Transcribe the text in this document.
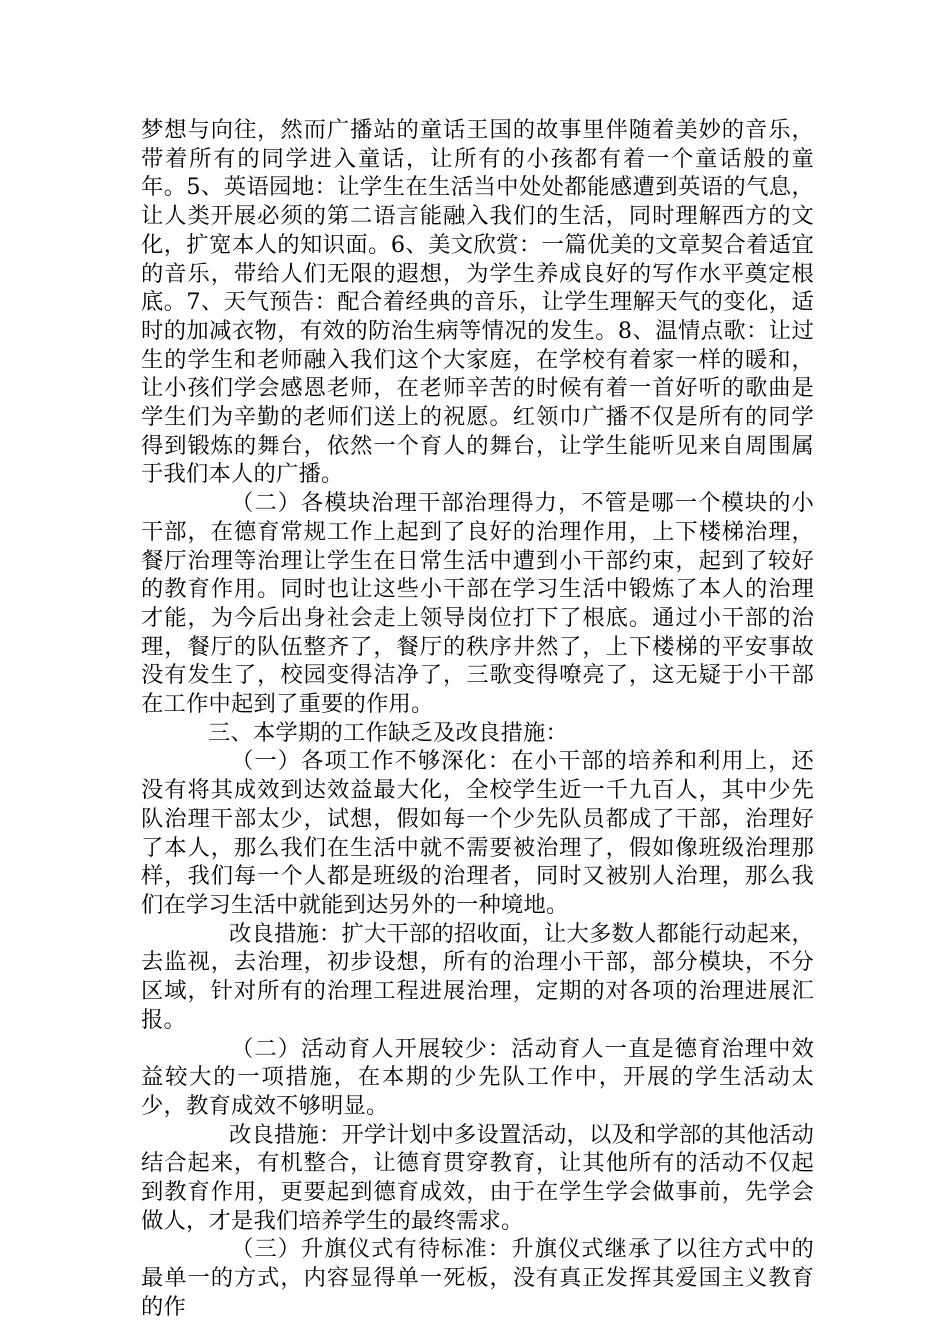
梦想与向往，然而广播站的童话王国的故事里伴随着美妙的音乐，带着所有的同学进入童话，让所有的小孩都有着一个童话般的童年。5、英语园地：让学生在生活当中处处都能感遭到英语的气息，让人类开展必须的第二语言能融入我们的生活，同时理解西方的文化，扩宽本人的知识面。6、美文欣赏：一篇优美的文章契合着适宜的音乐，带给人们无限的遐想，为学生养成良好的写作水平奠定根底。7、天气预告：配合着经典的音乐，让学生理解天气的变化，适时的加减衣物，有效的防治生病等情况的发生。8、温情点歌：让过生的学生和老师融入我们这个大家庭，在学校有着家一样的暖和，让小孩们学会感恩老师，在老师辛苦的时候有着一首好听的歌曲是学生们为辛勤的老师们送上的祝愿。红领巾广播不仅是所有的同学得到锻炼的舞台，依然一个育人的舞台，让学生能听见来自周围属于我们本人的广播。

（二）各模块治理干部治理得力，不管是哪一个模块的小干部，在德育常规工作上起到了良好的治理作用，上下楼梯治理，餐厅治理等治理让学生在日常生活中遭到小干部约束，起到了较好的教育作用。同时也让这些小干部在学习生活中锻炼了本人的治理才能，为今后出身社会走上领导岗位打下了根底。通过小干部的治理，餐厅的队伍整齐了，餐厅的秩序井然了，上下楼梯的平安事故没有发生了，校园变得洁净了，三歌变得嘹亮了，这无疑于小干部在工作中起到了重要的作用。

三、本学期的工作缺乏及改良措施：

（一）各项工作不够深化：在小干部的培养和利用上，还没有将其成效到达效益最大化，全校学生近一千九百人，其中少先队治理干部太少，试想，假如每一个少先队员都成了干部，治理好了本人，那么我们在生活中就不需要被治理了，假如像班级治理那样，我们每一个人都是班级的治理者，同时又被别人治理，那么我们在学习生活中就能到达另外的一种境地。

改良措施：扩大干部的招收面，让大多数人都能行动起来，去监视，去治理，初步设想，所有的治理小干部，部分模块，不分区域，针对所有的治理工程进展治理，定期的对各项的治理进展汇报。

（二）活动育人开展较少：活动育人一直是德育治理中效益较大的一项措施，在本期的少先队工作中，开展的学生活动太少，教育成效不够明显。

改良措施：开学计划中多设置活动，以及和学部的其他活动结合起来，有机整合，让德育贯穿教育，让其他所有的活动不仅起到教育作用，更要起到德育成效，由于在学生学会做事前，先学会做人，才是我们培养学生的最终需求。

（三）升旗仪式有待标准：升旗仪式继承了以往方式中的最单一的方式，内容显得单一死板，没有真正发挥其爱国主义教育的作
